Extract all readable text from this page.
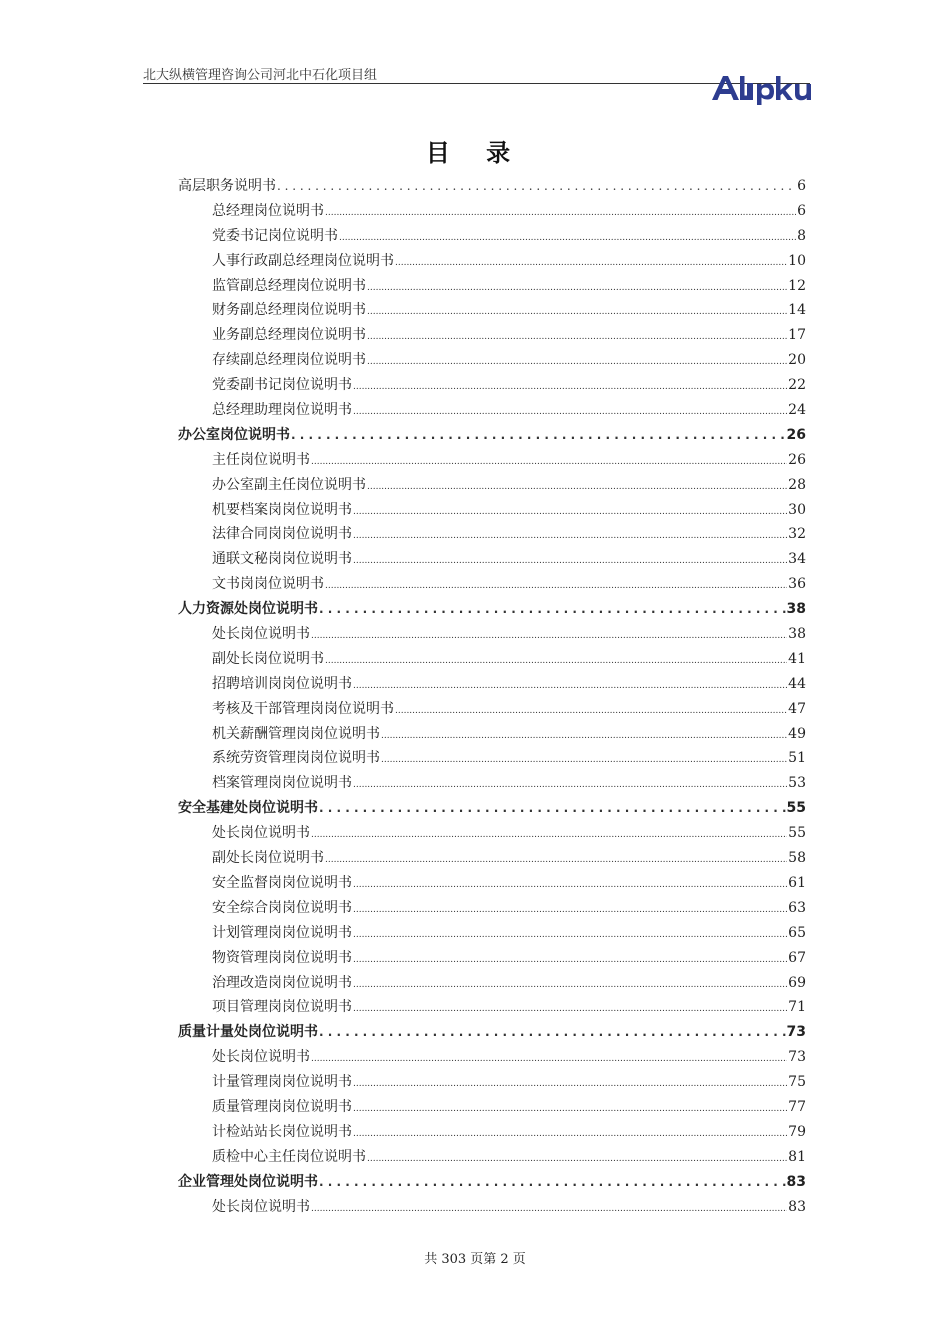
北大纵横管理咨询公司河北中石化项目组
ALLpku
目 录
高层职务说明书 . . .	6
总经理岗位说明书 .....	6
党委书记岗位说明书 .....	8
人事行政副总经理岗位说明书 .....	10
监管副总经理岗位说明书 .....	12
财务副总经理岗位说明书 .....	14
业务副总经理岗位说明书 .....	17
存续副总经理岗位说明书 .....	20
党委副书记岗位说明书 .....	22
总经理助理岗位说明书 .....	24
办公室岗位说明书 . . .	26
主任岗位说明书 .....	26
办公室副主任岗位说明书 .....	28
机要档案岗岗位说明书 .....	30
法律合同岗岗位说明书 .....	32
通联文秘岗岗位说明书 .....	34
文书岗岗位说明书 .....	36
人力资源处岗位说明书 . . .	38
处长岗位说明书 .....	38
副处长岗位说明书 .....	41
招聘培训岗岗位说明书 .....	44
考核及干部管理岗岗位说明书 .....	47
机关薪酬管理岗岗位说明书 .....	49
系统劳资管理岗岗位说明书 .....	51
档案管理岗岗位说明书 .....	53
安全基建处岗位说明书 . . .	55
处长岗位说明书 .....	55
副处长岗位说明书 .....	58
安全监督岗岗位说明书 .....	61
安全综合岗岗位说明书 .....	63
计划管理岗岗位说明书 .....	65
物资管理岗岗位说明书 .....	67
治理改造岗岗位说明书 .....	69
项目管理岗岗位说明书 .....	71
质量计量处岗位说明书 . . .	73
处长岗位说明书 .....	73
计量管理岗岗位说明书 .....	75
质量管理岗岗位说明书 .....	77
计检站站长岗位说明书 .....	79
质检中心主任岗位说明书 .....	81
企业管理处岗位说明书 . . .	83
处长岗位说明书 .....	83
共 303 页第 2 页
